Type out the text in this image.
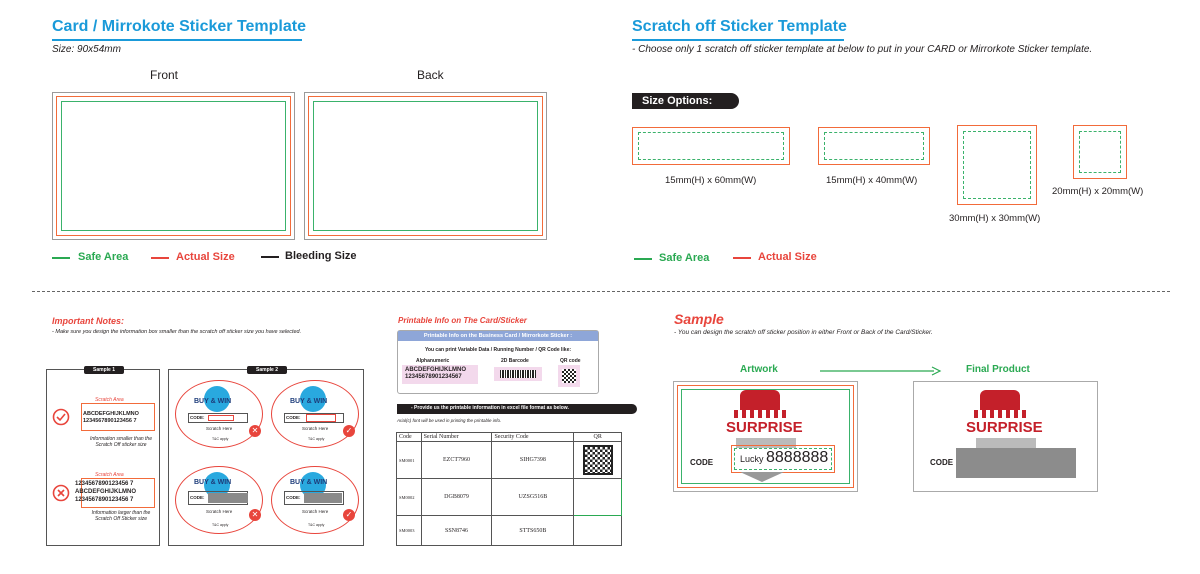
Card / Mirrokote Sticker Template
Size: 90x54mm
Front	Back
Safe Area	Actual Size	Bleeding Size
Scratch off Sticker Template
- Choose only 1 scratch off sticker template at below to put in your CARD or Mirrorkote Sticker template.
Size Options:
15mm(H) x 60mm(W)	15mm(H) x 40mm(W)
30mm(H) x 30mm(W)
20mm(H) x 20mm(W)
Safe Area	Actual Size
Important Notes:
- Make sure you design the information box smaller than the scratch off sticker size you have selected.
Sample 1
Scratch Area
ABCDEFGHIJKLMNO
1234567890123456 7
Information smaller than the Scratch Off sticker size
Scratch Area
1234567890123456 7
ABCDEFGHIJKLMNO
1234567890123456 7
Information larger than the Scratch Off Sticker size
Sample 2
BUY & WIN
CODE:
Scratch Here
T&C apply
✕
BUY & WIN
CODE:
Scratch Here
T&C apply
✓
BUY & WIN
CODE:
Scratch Here
T&C apply
✕
BUY & WIN
CODE:
Scratch Here
T&C apply
✓
Printable Info on The Card/Sticker
Printable Info on the Business Card / Mirrorkote Sticker :
You can print Variable Data / Running Number / QR Code like:
Alphanumeric	2D Barcode	QR code
ABCDEFGHIJKLMNO
12345678901234567
- Provide us the printable information in excel file format as below.
Arial(c) font will be used in printing the printable info.
Code	Serial Number	Security Code	QR
SM0001	EZCT7960	SIHG7398	

SM0002	DGB8079	UZSG516B	
SM0003	SSN8746	STTS650B	
Sample
- You can design the scratch off sticker position in either Front or Back of the Card/Sticker.
Artwork	Final Product
SURPRISE
CODE	Lucky 8888888
SURPRISE
CODE
